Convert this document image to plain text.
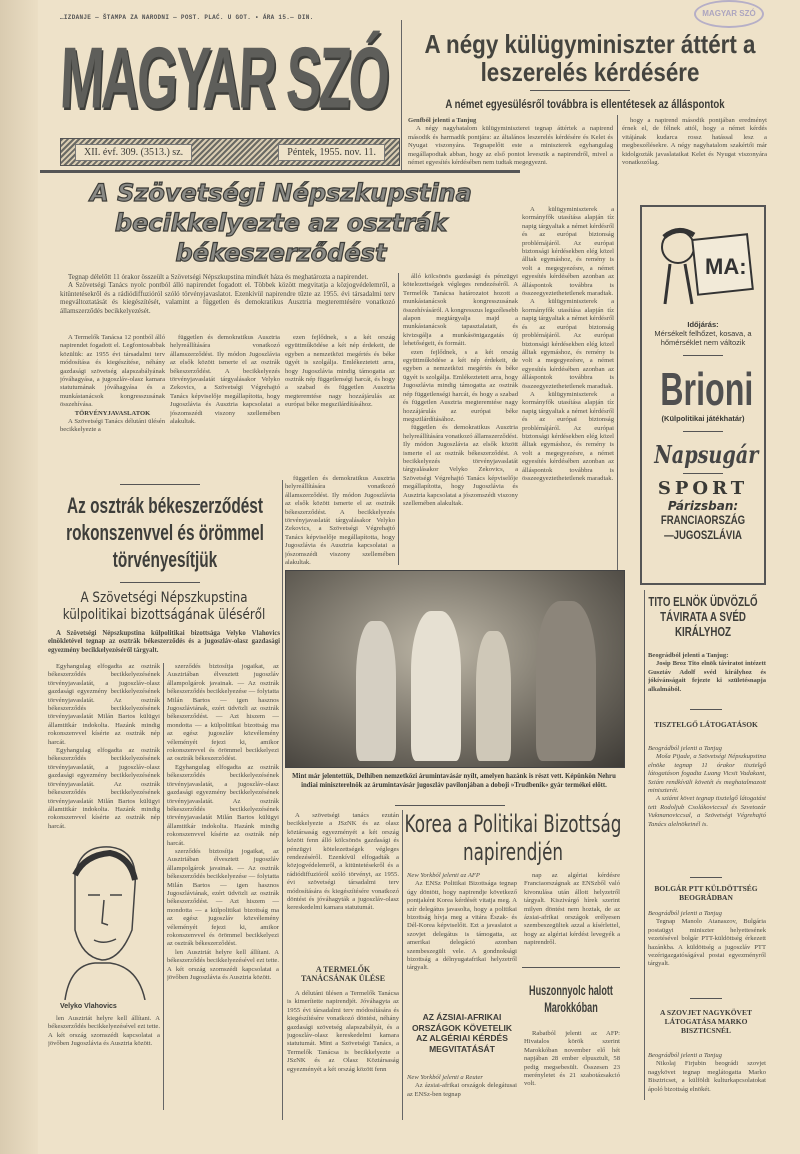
…IZDANJE — ŠTAMPA ZA NARODNI — POST. PLAĆ. U GOT. • ÁRA 15.— DIN.
MAGYAR SZÓ
XII. évf. 309. (3513.) sz.	Péntek, 1955. nov. 11.
MAGYAR SZÓ
A négy külügyminiszter áttért a leszerelés kérdésére
A német egyesülésről továbbra is ellentétesek az álláspontok
Genfből jelenti a Tanjug

A négy nagyhatalom külügyminiszterei tegnap áttértek a napirend második és harmadik pontjára: az általános leszerelés kérdésére és Kelet és Nyugat viszonyára. Tegnapelőtt este a miniszterek egyhangulag megállapodtak abban, hogy az első pontot leveszik a napirendről, mivel a német egyesítés kérdésében nem tudtak megegyezni.

hogy a napirend második pontjában eredményt érnek el, de félnek attól, hogy a német kérdés vitájának kudarca rossz hatással lesz a megbeszélésekre. A négy nagyhatalom szakértői már kidolgozták javaslataikat Kelet és Nyugat viszonyára vonatkozólag.

A külügyminiszterek a kormányfők utasítása alapján tíz napig tárgyaltak a német kérdésről és az európai biztonság problémájáról. Az európai biztonsági kérdésekben elég közel álltak egymáshoz, és remény is volt a megegyezésre, a német egyesítés kérdésében azonban az álláspontok továbbra is összeegyeztethetetlenek maradtak.

A külügyminiszterek a kormányfők utasítása alapján tíz napig tárgyaltak a német kérdésről és az európai biztonság problémájáról. Az európai biztonsági kérdésekben elég közel álltak egymáshoz, és remény is volt a megegyezésre, a német egyesítés kérdésében azonban az álláspontok továbbra is összeegyeztethetetlenek maradtak.

A külügyminiszterek a kormányfők utasítása alapján tíz napig tárgyaltak a német kérdésről és az európai biztonság problémájáról. Az európai biztonsági kérdésekben elég közel álltak egymáshoz, és remény is volt a megegyezésre, a német egyesítés kérdésében azonban az álláspontok továbbra is összeegyeztethetetlenek maradtak.

A Szövetségi Népszkupstina becikkelyezte az osztrák békeszerződést

Tegnap délelőtt 11 órakor összeült a Szövetségi Népszkupstina mindkét háza és meghatározta a napirendet.

A Szövetségi Tanács nyolc pontból álló napirendet fogadott el. Többek között megvitatja a közjogvédelemről, a kitüntetésekről és a rádiódiffuzióról szóló törvényjavaslatot. Ezenkívül napirendre tűzte az 1955. évi társadalmi terv megváltoztatását és kiegészítését, valamint a független és demokratikus Ausztria megteremtésére vonatkozó államszerződés becikkelyezését.

álló kölcsönös gazdasági és pénzügyi kötelezettségek végleges rendezéséről. A Termelők Tanácsa határozatot hozott a munkástanácsok kongresszusának összehívásáról. A kongresszus legszélesebb alapon megtárgyalja majd a munkástanácsok tapasztalatait, és kivizsgálja a munkásönigazgatás új lehetőségeit, és formáit.

ezen fejlődnek, s a két ország együttműködése a két nép érdekeit, de egyben a nemzetközi megértés és béke ügyét is szolgálja. Emlékeztetett arra, hogy Jugoszlávia mindig támogatta az osztrák nép függetlenségi harcát, és hogy a szabad és független Ausztria megteremtése nagy hozzájárulás az európai béke megszilárdításához.

független és demokratikus Ausztria helyreállítására vonatkozó államszerződést. Ily módon Jugoszlávia az elsők között ismerte el az osztrák békeszerződést. A becikkelyezés törvényjavaslatát tárgyalásakor Velyko Zekovics, a Szövetségi Végrehajtó Tanács képviselője megállapította, hogy Jugoszlávia és Ausztria kapcsolatai a jószomszédi viszony szellemében alakultak.

A Termelők Tanácsa 12 pontból álló napirendet fogadott el. Legfontosabbak közülük: az 1955 évi társadalmi terv módosítása és kiegészítése, néhány gazdasági szövetség alapszabályának jóváhagyása, a jugoszláv-olasz kamara statutumának jóváhagyása és a munkástanácsok kongresszusának összehívása.

TÖRVÉNYJAVASLATOK

A Szövetségi Tanács délutáni ülésén becikkelyezte a

független és demokratikus Ausztria helyreállítására vonatkozó államszerződést. Ily módon Jugoszlávia az elsők között ismerte el az osztrák békeszerződést. A becikkelyezés törvényjavaslatát tárgyalásakor Velyko Zekovics, a Szövetségi Végrehajtó Tanács képviselője megállapította, hogy Jugoszlávia és Ausztria kapcsolatai a jószomszédi viszony szellemében alakultak.

ezen fejlődnek, s a két ország együttműködése a két nép érdekeit, de egyben a nemzetközi megértés és béke ügyét is szolgálja. Emlékeztetett arra, hogy Jugoszlávia mindig támogatta az osztrák nép függetlenségi harcát, és hogy a szabad és független Ausztria megteremtése nagy hozzájárulás az európai béke megszilárdításához.

független és demokratikus Ausztria helyreállítására vonatkozó államszerződést. Ily módon Jugoszlávia az elsők között ismerte el az osztrák békeszerződést. A becikkelyezés törvényjavaslatát tárgyalásakor Velyko Zekovics, a Szövetségi Végrehajtó Tanács képviselője megállapította, hogy Jugoszlávia és Ausztria kapcsolatai a jószomszédi viszony szellemében alakultak.

Az osztrák békeszerződést rokonszenvvel és örömmel törvényesítjük
A Szövetségi Népszkupstina külpolitikai bizottságának üléséről

A Szövetségi Népszkupstina külpolitikai bizottsága Velyko Vlahovics elnökletével tegnap az osztrák békeszerződés és a jugoszláv-olasz gazdasági egyezmény becikkelyezéséről tárgyalt.

Egyhangulag elfogadta az osztrák békeszerződés becikkelyezésének törvényjavaslatát, a jugoszláv-olasz gazdasági egyezmény becikkelyezésének törvényjavaslatát. Az osztrák békeszerződés becikkelyezésének törvényjavaslatát Milán Bartos külügyi államtitkár indokolta. Hazánk mindig rokonszenvvel kísérte az osztrák nép harcát.

Egyhangulag elfogadta az osztrák békeszerződés becikkelyezésének törvényjavaslatát, a jugoszláv-olasz gazdasági egyezmény becikkelyezésének törvényjavaslatát. Az osztrák békeszerződés becikkelyezésének törvényjavaslatát Milán Bartos külügyi államtitkár indokolta. Hazánk mindig rokonszenvvel kísérte az osztrák nép harcát.

Velyko Vlahovics

len Ausztriát helyre kell állítani. A békeszerződés becikkelyezésével ezt tette. A két ország szomszédi kapcsolatai a jövőben Jugoszlávia és Ausztria között.

szerződés biztosítja jogaikat, az Ausztriában élvesztett jugoszláv állampolgárok javainak. — Az osztrák békeszerződés becikkelyezése — folytatta Milán Bartos — igen hasznos Jugoszláviának, ezért üdvözli az osztrák békeszerződést. — Azt hiszem — mondotta — a külpolitikai bizottság ma az egész jugoszláv közvélemény véleményét fejezi ki, amikor rokonszenvvel és örömmel becikkelyezi az osztrák békeszerződést.

Egyhangulag elfogadta az osztrák békeszerződés becikkelyezésének törvényjavaslatát, a jugoszláv-olasz gazdasági egyezmény becikkelyezésének törvényjavaslatát. Az osztrák békeszerződés becikkelyezésének törvényjavaslatát Milán Bartos külügyi államtitkár indokolta. Hazánk mindig rokonszenvvel kísérte az osztrák nép harcát.

szerződés biztosítja jogaikat, az Ausztriában élvesztett jugoszláv állampolgárok javainak. — Az osztrák békeszerződés becikkelyezése — folytatta Milán Bartos — igen hasznos Jugoszláviának, ezért üdvözli az osztrák békeszerződést. — Azt hiszem — mondotta — a külpolitikai bizottság ma az egész jugoszláv közvélemény véleményét fejezi ki, amikor rokonszenvvel és örömmel becikkelyezi az osztrák békeszerződést.

len Ausztriát helyre kell állítani. A békeszerződés becikkelyezésével ezt tette. A két ország szomszédi kapcsolatai a jövőben Jugoszlávia és Ausztria között.

Mint már jelentettük, Delhiben nemzetközi árumintavásár nyílt, amelyen hazánk is részt vett. Képünkön Nehru indiai miniszterelnök az árumintavásár jugoszláv pavilonjában a doboji »Trudbenik« gyár termékei előtt.

A szövetségi tanács ezután becikkelyezte a JSzNK és az olasz köztársaság egyezményét a két ország között fenn álló kölcsönös gazdasági és pénzügyi kötelezettségek végleges rendezéséről. Ezenkívül elfogadták a közjogvédelemről, a kitüntetésekről és a rádiódiffuzióról szóló törvényt, az 1955. évi szövetségi társadalmi terv módosítására és kiegészítésére vonatkozó döntést és jóváhagyták a jugoszláv-olasz kereskedelmi kamara statutumát.

A TERMELŐK TANÁCSÁNAK ÜLÉSE

A délutáni ülésen a Termelők Tanácsa is kimerítette napirendjét. Jóváhagyta az 1955 évi társadalmi terv módosítására és kiegészítésére vonatkozó döntést, néhány gazdasági szövetség alapszabályát, és a jugoszláv-olasz kereskedelmi kamara statutumát. Mint a Szövetségi Tanács, a Termelők Tanácsa is becikkelyezte a JSzNK és az Olasz Köztársaság egyezményét a két ország között fenn

Korea a Politikai Bizottság napirendjén
New Yorkból jelenti az AFP

Az ENSz Politikai Bizottsága tegnap úgy döntött, hogy napirendje következő pontjaként Korea kérdését vitatja meg. A szír delegátus javasolta, hogy a politikai bizottság hívja meg a vitára Észak- és Dél-Korea képviselőit. Ezt a javaslatot a szovjet delegátus is támogatta, az amerikai delegáció azonban szembeszegült vele. A gondnoksági bizottság a délnyugatafrikai helyzetről tárgyalt.

nap az algériai kérdésre Franciaországnak az ENSzből való kivonulása után állott helyzetről tárgyalt. Kiszivárgó hírek szerint milyen döntést nem hoztak, de az ázsiai-afrikai országok erélyesen szembeszegültek azzal a kísérlettel, hogy az algériai kérdést levegyék a napirendről.

AZ ÁZSIAI-AFRIKAI ORSZÁGOK KÖVETELIK AZ ALGÉRIAI KÉRDÉS MEGVITATÁSÁT
New Yorkból jelenti a Reuter

Az ázsiai-afrikai országok delegátusai az ENSz-ben tegnap

Huszonnyolc halott Marokkóban

Rabatból jelenti az AFP: Hivatalos körök szerint Marokkóban november elő hét napjában 28 ember elpusztult, 58 pedig megsebesült. Összesen 23 merényletet és 21 szabotázsakció volt.

MA:
Időjárás:
Mérsékelt felhőzet, kosava, a hőmérséklet nem változik
Brioni
(Külpolitikai játékhatár)
Napsugár
SPORT
Párizsban:
FRANCIAORSZÁG —JUGOSZLÁVIA
TITO ELNÖK ÜDVÖZLŐ TÁVIRATA A SVÉD KIRÁLYHOZ
Beográdból jelenti a Tanjug:

Josip Broz Tito elnök táviratot intézett Gusztáv Adolf svéd királyhoz és jókívánságait fejezte ki születésnapja alkalmából.

TISZTELGŐ LÁTOGATÁSOK
Beográdból jelenti a Tanjug

Moša Pijade, a Szövetségi Népszkupstina elnöke tegnap 11 órakor tisztelgő látogatáson fogadta Luang Vicsit Vadakant, Sziám rendkívüli követét és meghatalmazott miniszterét.

A sziámi követ tegnap tisztelgő látogatást tett Rodoljub Csolákoviccsal és Szvetozár Vukmanoviccsal, a Szövetségi Végrehajtó Tanács alelnökeinél is.

BOLGÁR PTT KÜLDÖTTSÉG BEOGRÁDBAN
Beográdból jelenti a Tanjug

Tegnap Manolo Atanaszov, Bulgária postaügyi miniszter helyettesének vezetésével bolgár PTT-küldöttség érkezett hazánkba. A küldöttség a jugoszláv PTT vezérigazgatóságával postai egyezményről tárgyalt.

A SZOVJET NAGYKÖVET LÁTOGATÁSA MARKO BISZTICSNÉL
Beográdból jelenti a Tanjug

Nikolaj Firjubin beográdi szovjet nagykövet tegnap meglátogatta Marko Bisztricset, a külföldi kulturkapcsolatokat ápoló bizottság elnökét.
